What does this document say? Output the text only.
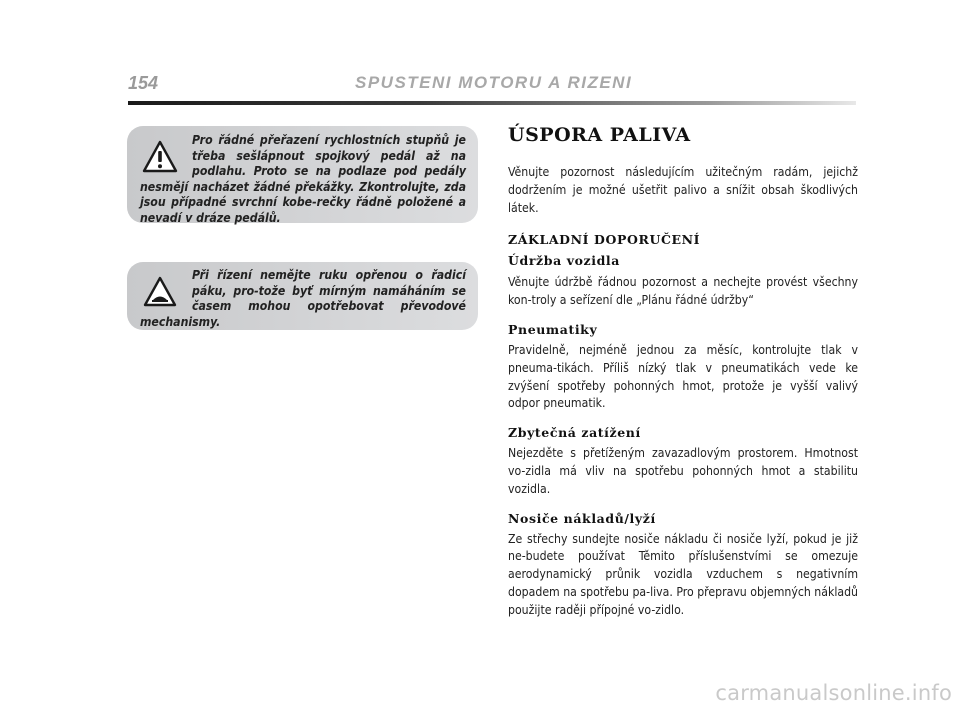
154	SPUSTENI MOTORU A RIZENI

Pro řádné přeřazení rychlostních stupňů je třeba sešlápnout spojkový pedál až na podlahu. Proto se na podlaze pod pedály nesmějí nacházet žádné překážky. Zkontrolujte, zda jsou případné svrchní kobe-rečky řádně položené a nevadí v dráze pedálů.

Při řízení nemějte ruku opřenou o řadicí páku, pro-tože byť mírným namáháním se časem mohou opotřebovat převodové mechanismy.

ÚSPORA PALIVA

Věnujte pozornost následujícím užitečným radám, jejichž dodržením je možné ušetřit palivo a snížit obsah škodlivých látek.

ZÁKLADNÍ DOPORUČENÍ
Údržba vozidla

Věnujte údržbě řádnou pozornost a nechejte provést všechny kon-troly a seřízení dle „Plánu řádné údržby“

Pneumatiky

Pravidelně, nejméně jednou za měsíc, kontrolujte tlak v pneuma-tikách. Příliš nízký tlak v pneumatikách vede ke zvýšení spotřeby pohonných hmot, protože je vyšší valivý odpor pneumatik.

Zbytečná zatížení

Nejezděte s přetíženým zavazadlovým prostorem. Hmotnost vo-zidla má vliv na spotřebu pohonných hmot a stabilitu vozidla.

Nosiče nákladů/lyží

Ze střechy sundejte nosiče nákladu či nosiče lyží, pokud je již ne-budete používat Těmito příslušenstvími se omezuje aerodynamický průnik vozidla vzduchem s negativním dopadem na spotřebu pa-liva. Pro přepravu objemných nákladů použijte raději přípojné vo-zidlo.

carmanualsonline.info
